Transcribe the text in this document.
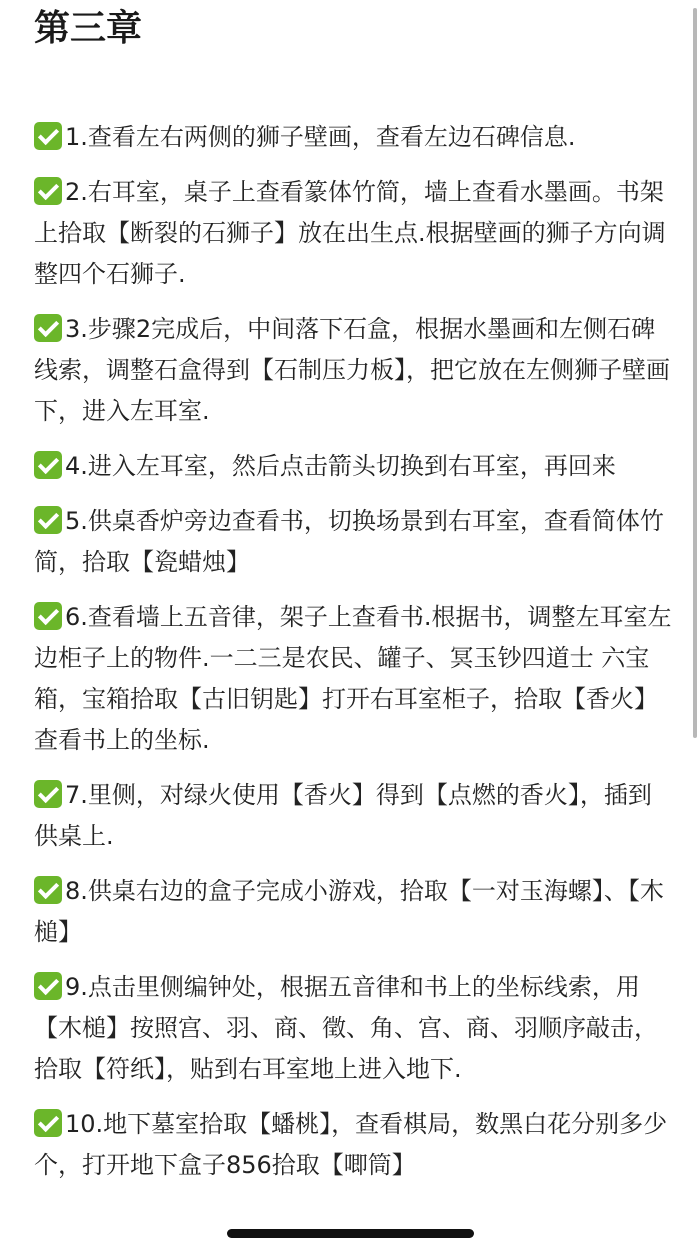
第三章
1.查看左右两侧的狮子壁画，查看左边石碑信息.
2.右耳室，桌子上查看篆体竹简，墙上查看水墨画。书架上拾取【断裂的石狮子】放在出生点.根据壁画的狮子方向调整四个石狮子.
3.步骤2完成后，中间落下石盒，根据水墨画和左侧石碑线索，调整石盒得到【石制压力板】，把它放在左侧狮子壁画下，进入左耳室.
4.进入左耳室，然后点击箭头切换到右耳室，再回来
5.供桌香炉旁边查看书，切换场景到右耳室，查看简体竹简，拾取【瓷蜡烛】
6.查看墙上五音律，架子上查看书.根据书，调整左耳室左边柜子上的物件.一二三是农民、罐子、冥玉钞四道士 六宝箱，宝箱拾取【古旧钥匙】打开右耳室柜子，拾取【香火】查看书上的坐标.
7.里侧，对绿火使用【香火】得到【点燃的香火】，插到供桌上.
8.供桌右边的盒子完成小游戏，拾取【一对玉海螺】、【木槌】
9.点击里侧编钟处，根据五音律和书上的坐标线索，用【木槌】按照宫、羽、商、徵、角、宫、商、羽顺序敲击，拾取【符纸】，贴到右耳室地上进入地下.
10.地下墓室拾取【蟠桃】，查看棋局，数黑白花分别多少个，打开地下盒子856拾取【唧筒】
